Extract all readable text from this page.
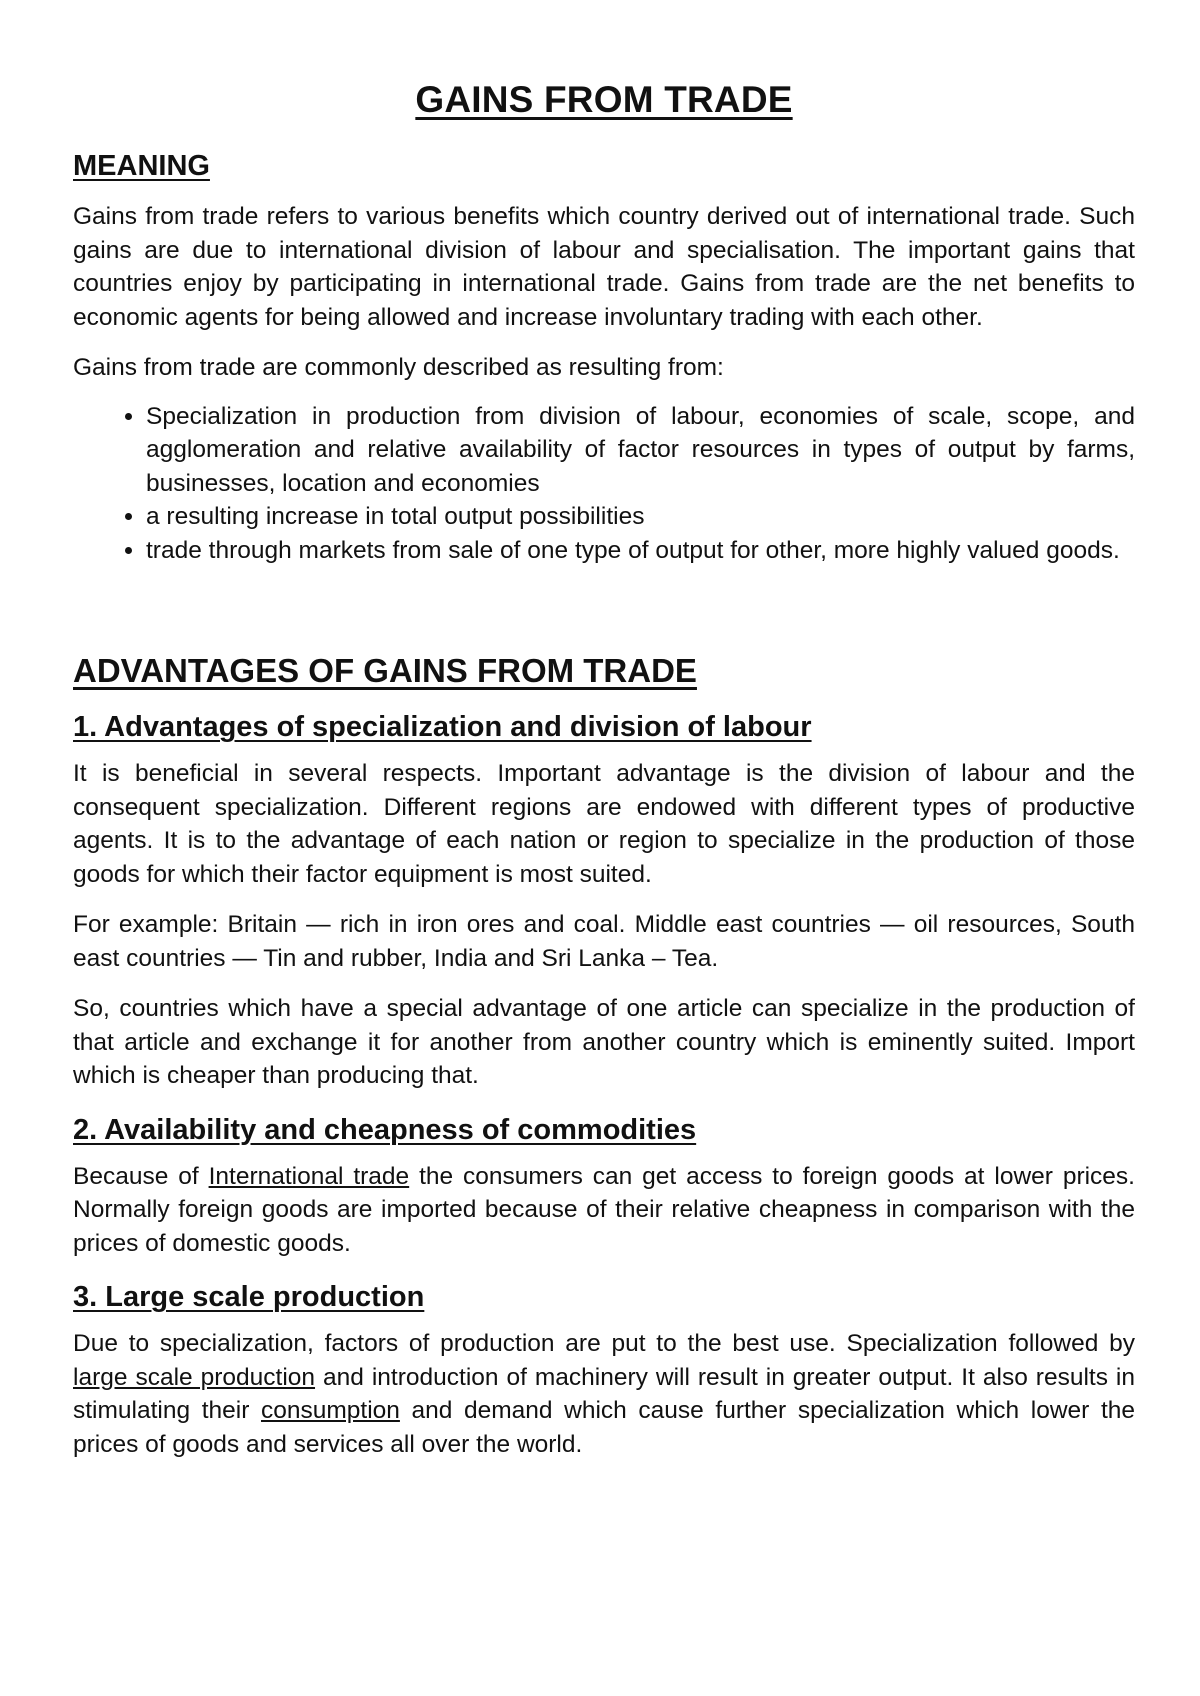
GAINS FROM TRADE
MEANING

Gains from trade refers to various benefits which country derived out of international trade. Such gains are due to international division of labour and specialisation. The important gains that countries enjoy by participating in international trade. Gains from trade are the net benefits to economic agents for being allowed and increase involuntary trading with each other.

Gains from trade are commonly described as resulting from:

• Specialization in production from division of labour, economies of scale, scope, and agglomeration and relative availability of factor resources in types of output by farms, businesses, location and economies
• a resulting increase in total output possibilities
• trade through markets from sale of one type of output for other, more highly valued goods.
ADVANTAGES OF GAINS FROM TRADE
1. Advantages of specialization and division of labour

It is beneficial in several respects. Important advantage is the division of labour and the consequent specialization. Different regions are endowed with different types of productive agents. It is to the advantage of each nation or region to specialize in the production of those goods for which their factor equipment is most suited.

For example: Britain — rich in iron ores and coal. Middle east countries — oil resources, South east countries — Tin and rubber, India and Sri Lanka – Tea.

So, countries which have a special advantage of one article can specialize in the production of that article and exchange it for another from another country which is eminently suited. Import which is cheaper than producing that.

2. Availability and cheapness of commodities

Because of International trade the consumers can get access to foreign goods at lower prices. Normally foreign goods are imported because of their relative cheapness in comparison with the prices of domestic goods.

3. Large scale production

Due to specialization, factors of production are put to the best use. Specialization followed by large scale production and introduction of machinery will result in greater output. It also results in stimulating their consumption and demand which cause further specialization which lower the prices of goods and services all over the world.
